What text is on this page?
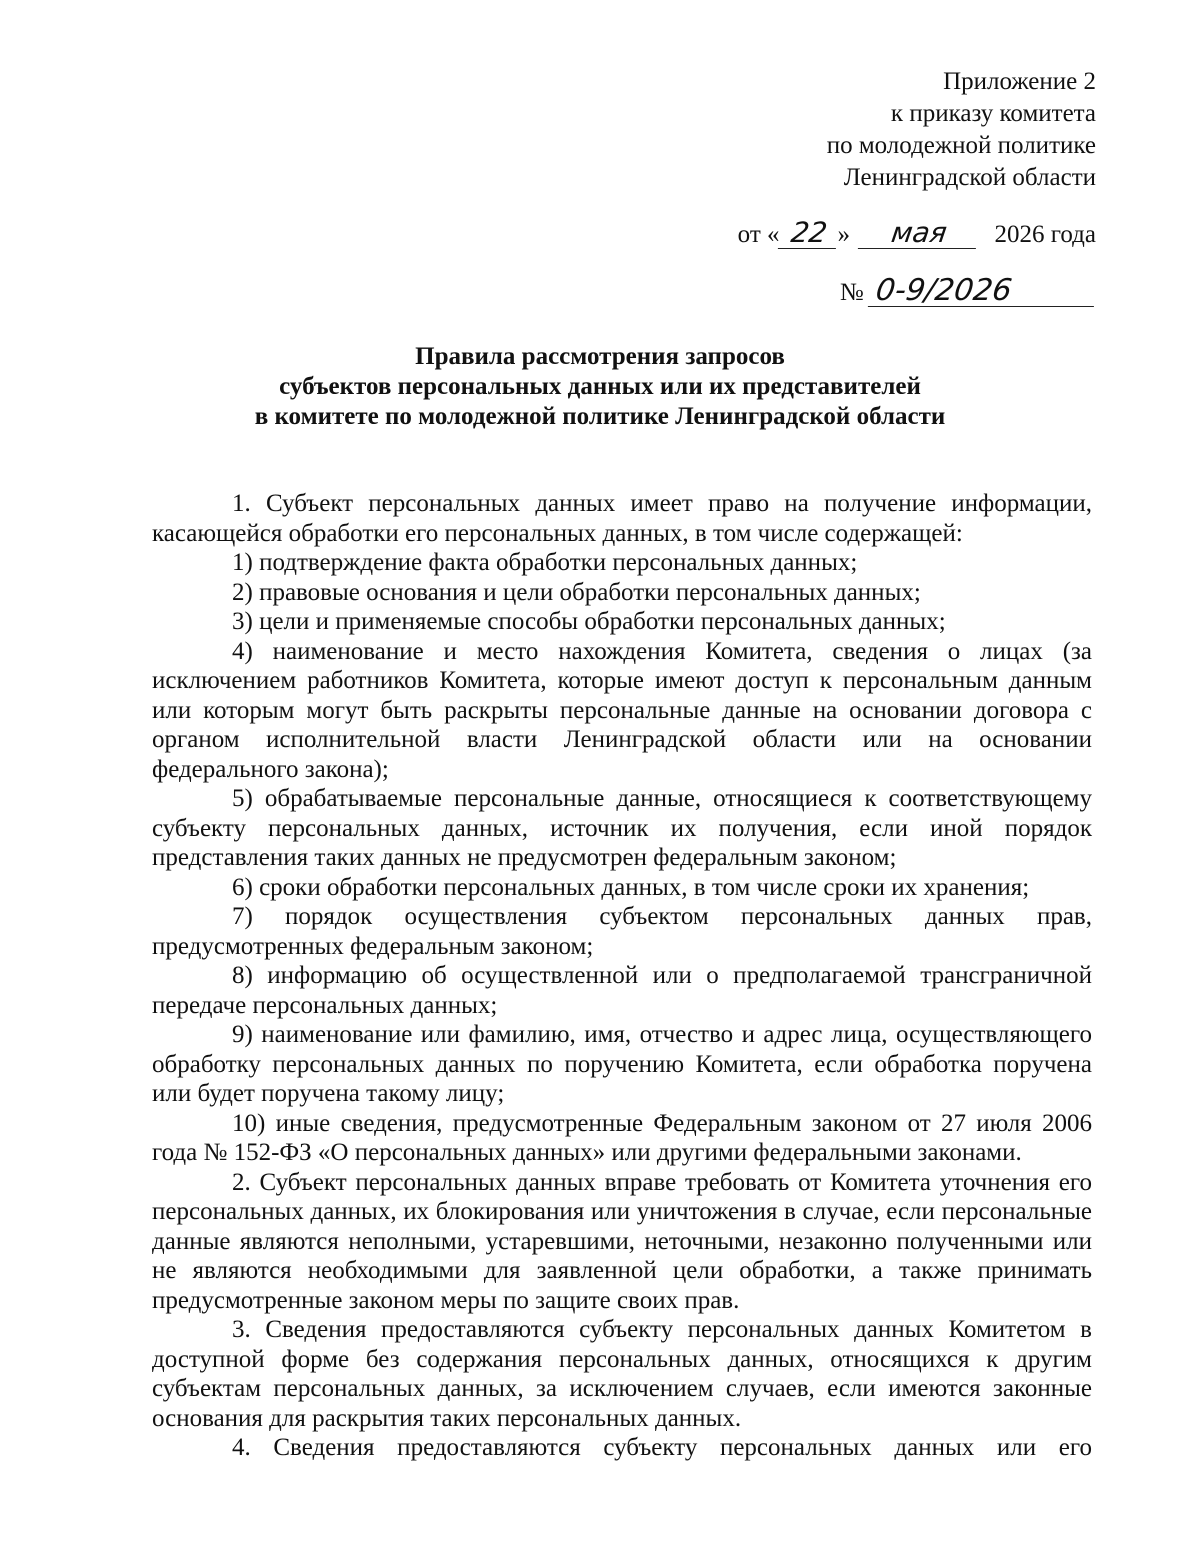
Приложение 2
к приказу комитета
по молодежной политике
Ленинградской области
от « 22 » мая 2026 года
№ 0-9/2026
Правила рассмотрения запросов
субъектов персональных данных или их представителей
в комитете по молодежной политике Ленинградской области

1. Субъект персональных данных имеет право на получение информации, касающейся обработки его персональных данных, в том числе содержащей:

1) подтверждение факта обработки персональных данных;

2) правовые основания и цели обработки персональных данных;

3) цели и применяемые способы обработки персональных данных;

4) наименование и место нахождения Комитета, сведения о лицах (за исключением работников Комитета, которые имеют доступ к персональным данным или которым могут быть раскрыты персональные данные на основании договора с органом исполнительной власти Ленинградской области или на основании федерального закона);

5) обрабатываемые персональные данные, относящиеся к соответствующему субъекту персональных данных, источник их получения, если иной порядок представления таких данных не предусмотрен федеральным законом;

6) сроки обработки персональных данных, в том числе сроки их хранения;

7) порядок осуществления субъектом персональных данных прав, предусмотренных федеральным законом;

8) информацию об осуществленной или о предполагаемой трансграничной передаче персональных данных;

9) наименование или фамилию, имя, отчество и адрес лица, осуществляющего обработку персональных данных по поручению Комитета, если обработка поручена или будет поручена такому лицу;

10) иные сведения, предусмотренные Федеральным законом от 27 июля 2006 года № 152-ФЗ «О персональных данных» или другими федеральными законами.

2. Субъект персональных данных вправе требовать от Комитета уточнения его персональных данных, их блокирования или уничтожения в случае, если персональные данные являются неполными, устаревшими, неточными, незаконно полученными или не являются необходимыми для заявленной цели обработки, а также принимать предусмотренные законом меры по защите своих прав.

3. Сведения предоставляются субъекту персональных данных Комитетом в доступной форме без содержания персональных данных, относящихся к другим субъектам персональных данных, за исключением случаев, если имеются законные основания для раскрытия таких персональных данных.

4. Сведения предоставляются субъекту персональных данных или его
